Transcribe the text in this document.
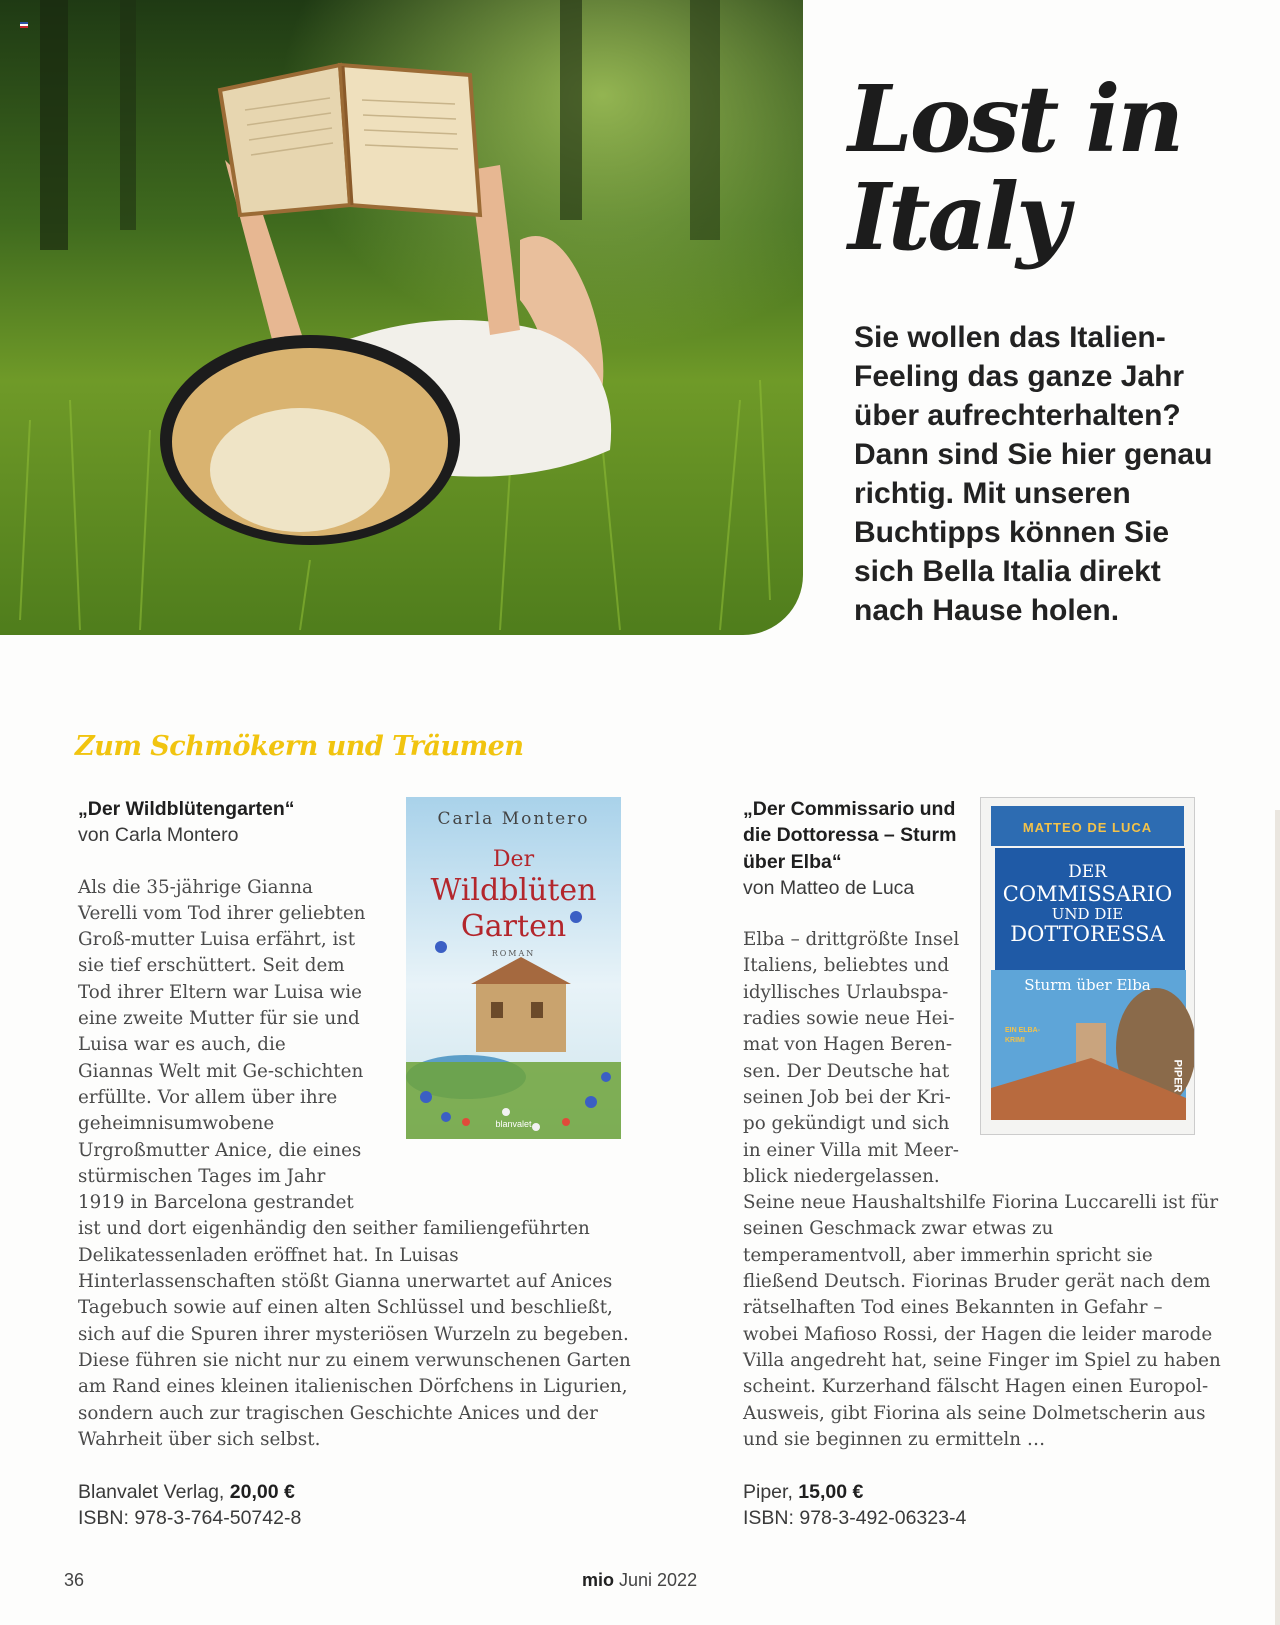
Lost in
Italy
Sie wollen das Italien-Feeling das ganze Jahr über aufrechterhalten? Dann sind Sie hier genau richtig. Mit unseren Buchtipps können Sie sich Bella Italia direkt nach Hause holen.
Zum Schmökern und Träumen
„Der Wildblütengarten“
von Carla Montero
Als die 35-jährige Gianna Verelli vom Tod ihrer geliebten Groß-mutter Luisa erfährt, ist sie tief erschüttert. Seit dem Tod ihrer Eltern war Luisa wie eine zweite Mutter für sie und Luisa war es auch, die Giannas Welt mit Ge-schichten erfüllte. Vor allem über ihre geheimnisumwobene Urgroßmutter Anice, die eines stürmischen Tages im Jahr 1919 in Barcelona gestrandet ist und dort eigenhändig den seither familiengeführten Delikatessenladen eröffnet hat. In Luisas Hinterlassenschaften stößt Gianna unerwartet auf Anices Tagebuch sowie auf einen alten Schlüssel und beschließt, sich auf die Spuren ihrer mysteriösen Wurzeln zu begeben. Diese führen sie nicht nur zu einem verwunschenen Garten am Rand eines kleinen italienischen Dörfchens in Ligurien, sondern auch zur tragischen Geschichte Anices und der Wahrheit über sich selbst.
Blanvalet Verlag, 20,00 €
ISBN: 978-3-764-50742-8
Carla Montero
Der
Wildblüten
Garten
ROMAN
blanvalet
„Der Commissario und die Dottoressa – Sturm über Elba“
von Matteo de Luca
Elba – drittgrößte Insel Italiens, beliebtes und idyllisches Urlaubspa-radies sowie neue Hei-mat von Hagen Beren-sen. Der Deutsche hat seinen Job bei der Kri-po gekündigt und sich in einer Villa mit Meer-blick niedergelassen. Seine neue Haushaltshilfe Fiorina Luccarelli ist für seinen Geschmack zwar etwas zu temperamentvoll, aber immerhin spricht sie fließend Deutsch. Fiorinas Bruder gerät nach dem rätselhaften Tod eines Bekannten in Gefahr – wobei Mafioso Rossi, der Hagen die leider marode Villa angedreht hat, seine Finger im Spiel zu haben scheint. Kurzerhand fälscht Hagen einen Europol-Ausweis, gibt Fiorina als seine Dolmetscherin aus und sie beginnen zu ermitteln …
Piper, 15,00 €
ISBN: 978-3-492-06323-4
MATTEO DE LUCA
DER
COMMISSARIO
UND DIE
DOTTORESSA
Sturm über Elba
EIN ELBA-KRIMI
PIPER
36	mio Juni 2022
